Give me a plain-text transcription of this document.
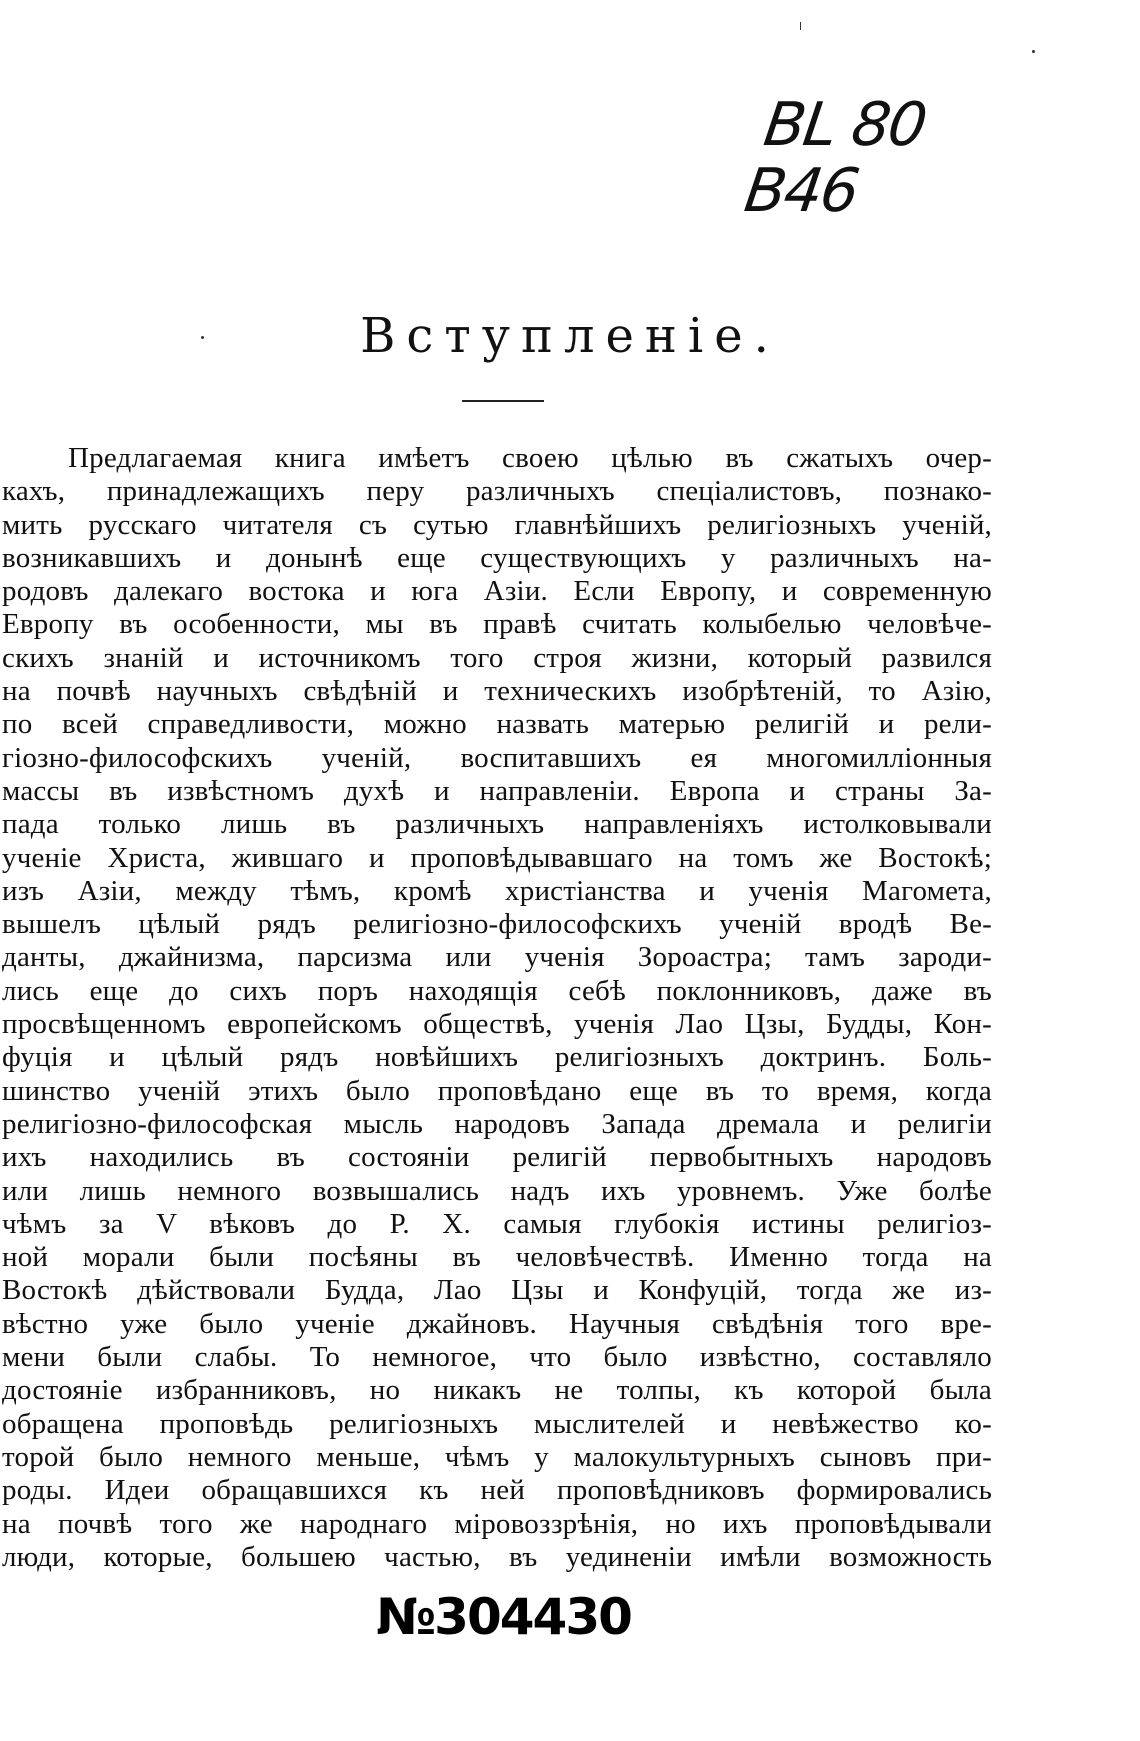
BL 80
B46
Вступленіе.
Предлагаемая книга имѣетъ своею цѣлью въ сжатыхъ очер-
кахъ, принадлежащихъ перу различныхъ спеціалистовъ, познако-
мить русскаго читателя съ сутью главнѣйшихъ религіозныхъ ученій,
возникавшихъ и донынѣ еще существующихъ у различныхъ на-
родовъ далекаго востока и юга Азіи. Если Европу, и современную
Европу въ особенности, мы въ правѣ считать колыбелью человѣче-
скихъ знаній и источникомъ того строя жизни, который развился
на почвѣ научныхъ свѣдѣній и техническихъ изобрѣтеній, то Азію,
по всей справедливости, можно назвать матерью религій и рели-
гіозно-философскихъ ученій, воспитавшихъ ея многомилліонныя
массы въ извѣстномъ духѣ и направленіи. Европа и страны За-
пада только лишь въ различныхъ направленіяхъ истолковывали
ученіе Христа, жившаго и проповѣдывавшаго на томъ же Востокѣ;
изъ Азіи, между тѣмъ, кромѣ христіанства и ученія Магомета,
вышелъ цѣлый рядъ религіозно-философскихъ ученій вродѣ Ве-
данты, джайнизма, парсизма или ученія Зороастра; тамъ зароди-
лись еще до сихъ поръ находящія себѣ поклонниковъ, даже въ
просвѣщенномъ европейскомъ обществѣ, ученія Лао Цзы, Будды, Кон-
фуція и цѣлый рядъ новѣйшихъ религіозныхъ доктринъ. Боль-
шинство ученій этихъ было проповѣдано еще въ то время, когда
религіозно-философская мысль народовъ Запада дремала и религіи
ихъ находились въ состояніи религій первобытныхъ народовъ
или лишь немного возвышались надъ ихъ уровнемъ. Уже болѣе
чѣмъ за V вѣковъ до Р. Х. самыя глубокія истины религіоз-
ной морали были посѣяны въ человѣчествѣ. Именно тогда на
Востокѣ дѣйствовали Будда, Лао Цзы и Конфуцій, тогда же из-
вѣстно уже было ученіе джайновъ. Научныя свѣдѣнія того вре-
мени были слабы. То немногое, что было извѣстно, составляло
достояніе избранниковъ, но никакъ не толпы, къ которой была
обращена проповѣдь религіозныхъ мыслителей и невѣжество ко-
торой было немного меньше, чѣмъ у малокультурныхъ сыновъ при-
роды. Идеи обращавшихся къ ней проповѣдниковъ формировались
на почвѣ того же народнаго міровоззрѣнія, но ихъ проповѣдывали
люди, которые, большею частью, въ уединеніи имѣли возможность
№304430
